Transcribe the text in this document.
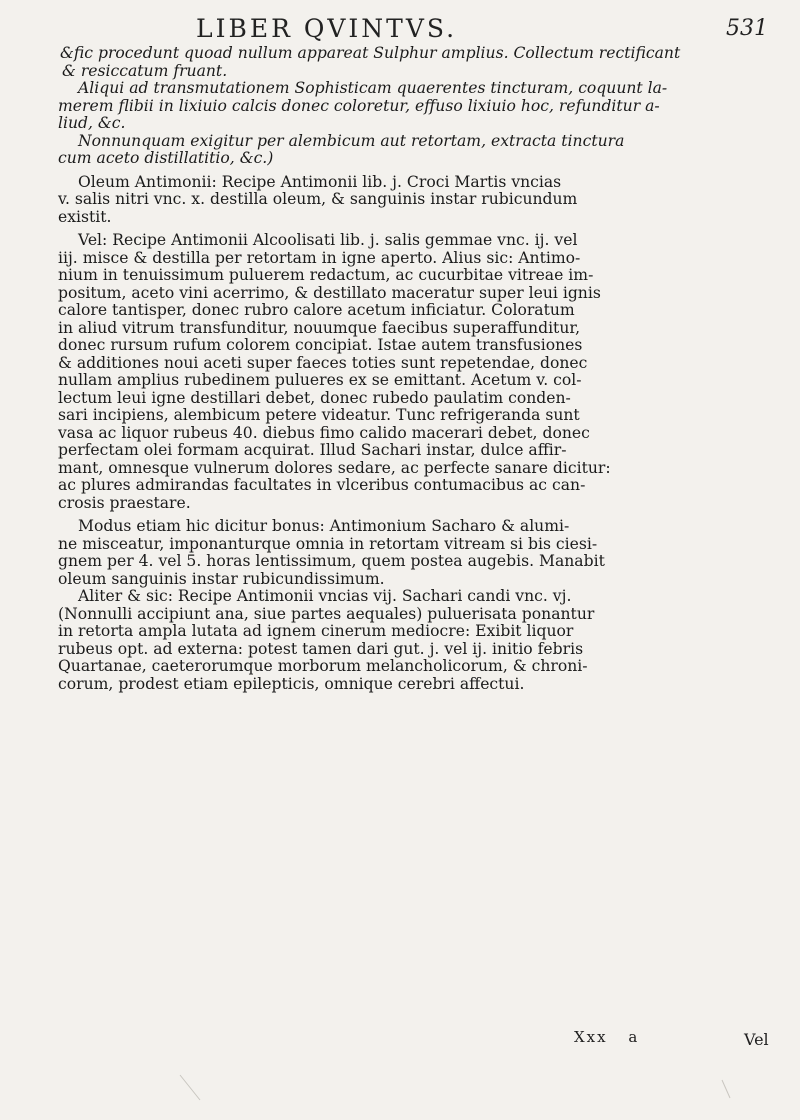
LIBER QVINTVS.	531
&fic procedunt quoad nullum appareat Sulphur amplius. Collectum rectificant
& resiccatum fruant.
Aliqui ad transmutationem Sophisticam quaerentes tincturam, coquunt la-
merem flibii in lixiuio calcis donec coloretur, effuso lixiuio hoc, refunditur a-
liud, &c.
Nonnunquam exigitur per alembicum aut retortam, extracta tinctura
cum aceto distillatitio, &c.)
Oleum Antimonii: Recipe Antimonii lib. j. Croci Martis vncias
v. salis nitri vnc. x. destilla oleum, & sanguinis instar rubicundum
existit.
Vel: Recipe Antimonii Alcoolisati lib. j. salis gemmae vnc. ij. vel
iij. misce & destilla per retortam in igne aperto. Alius sic: Antimo-
nium in tenuissimum puluerem redactum, ac cucurbitae vitreae im-
positum, aceto vini acerrimo, & destillato maceratur super leui ignis
calore tantisper, donec rubro calore acetum inficiatur. Coloratum
in aliud vitrum transfunditur, nouumque faecibus superaffunditur,
donec rursum rufum colorem concipiat. Istae autem transfusiones
& additiones noui aceti super faeces toties sunt repetendae, donec
nullam amplius rubedinem pulueres ex se emittant. Acetum v. col-
lectum leui igne destillari debet, donec rubedo paulatim conden-
sari incipiens, alembicum petere videatur. Tunc refrigeranda sunt
vasa ac liquor rubeus 40. diebus fimo calido macerari debet, donec
perfectam olei formam acquirat. Illud Sachari instar, dulce affir-
mant, omnesque vulnerum dolores sedare, ac perfecte sanare dicitur:
ac plures admirandas facultates in vlceribus contumacibus ac can-
crosis praestare.
Modus etiam hic dicitur bonus: Antimonium Sacharo & alumi-
ne misceatur, imponanturque omnia in retortam vitream si bis ciesi-
gnem per 4. vel 5. horas lentissimum, quem postea augebis. Manabit
oleum sanguinis instar rubicundissimum.
Aliter & sic: Recipe Antimonii vncias vij. Sachari candi vnc. vj.
(Nonnulli accipiunt ana, siue partes aequales) puluerisata ponantur
in retorta ampla lutata ad ignem cinerum mediocre: Exibit liquor
rubeus opt. ad externa: potest tamen dari gut. j. vel ij. initio febris
Quartanae, caeterorumque morborum melancholicorum, & chroni-
corum, prodest etiam epilepticis, omnique cerebri affectui.
Xxx a	Vel
